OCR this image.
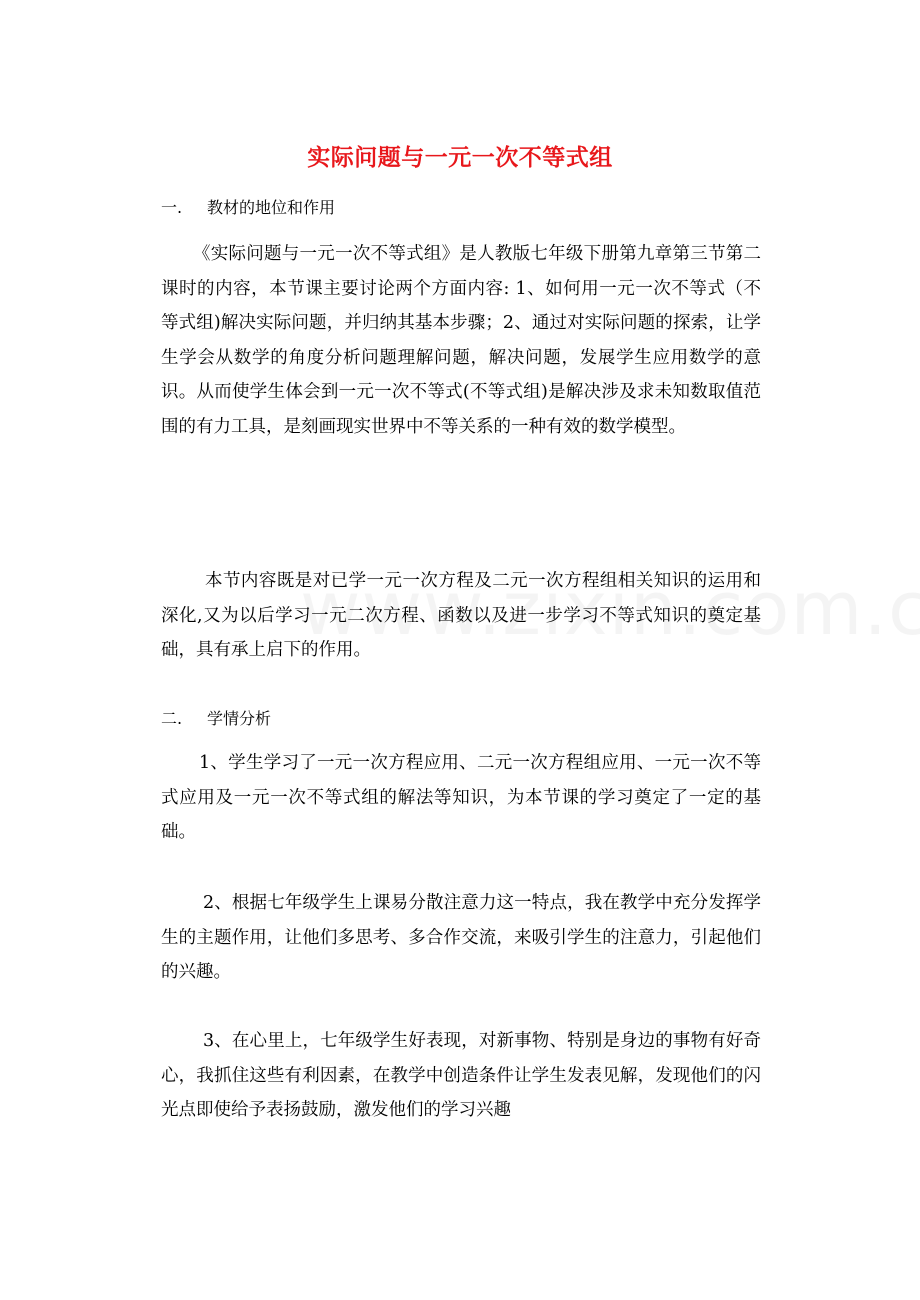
实际问题与一元一次不等式组
一. 教材的地位和作用
《实际问题与一元一次不等式组》是人教版七年级下册第九章第三节第二课时的内容，本节课主要讨论两个方面内容: 1、如何用一元一次不等式（不等式组)解决实际问题，并归纳其基本步骤；2、通过对实际问题的探索，让学生学会从数学的角度分析问题理解问题，解决问题，发展学生应用数学的意识。从而使学生体会到一元一次不等式(不等式组)是解决涉及求未知数取值范围的有力工具，是刻画现实世界中不等关系的一种有效的数学模型。
本节内容既是对已学一元一次方程及二元一次方程组相关知识的运用和深化,又为以后学习一元二次方程、函数以及进一步学习不等式知识的奠定基础，具有承上启下的作用。
二. 学情分析
1、学生学习了一元一次方程应用、二元一次方程组应用、一元一次不等式应用及一元一次不等式组的解法等知识，为本节课的学习奠定了一定的基础。
2、根据七年级学生上课易分散注意力这一特点，我在教学中充分发挥学生的主题作用，让他们多思考、多合作交流，来吸引学生的注意力，引起他们的兴趣。
3、在心里上，七年级学生好表现，对新事物、特别是身边的事物有好奇心，我抓住这些有利因素，在教学中创造条件让学生发表见解，发现他们的闪光点即使给予表扬鼓励，激发他们的学习兴趣
